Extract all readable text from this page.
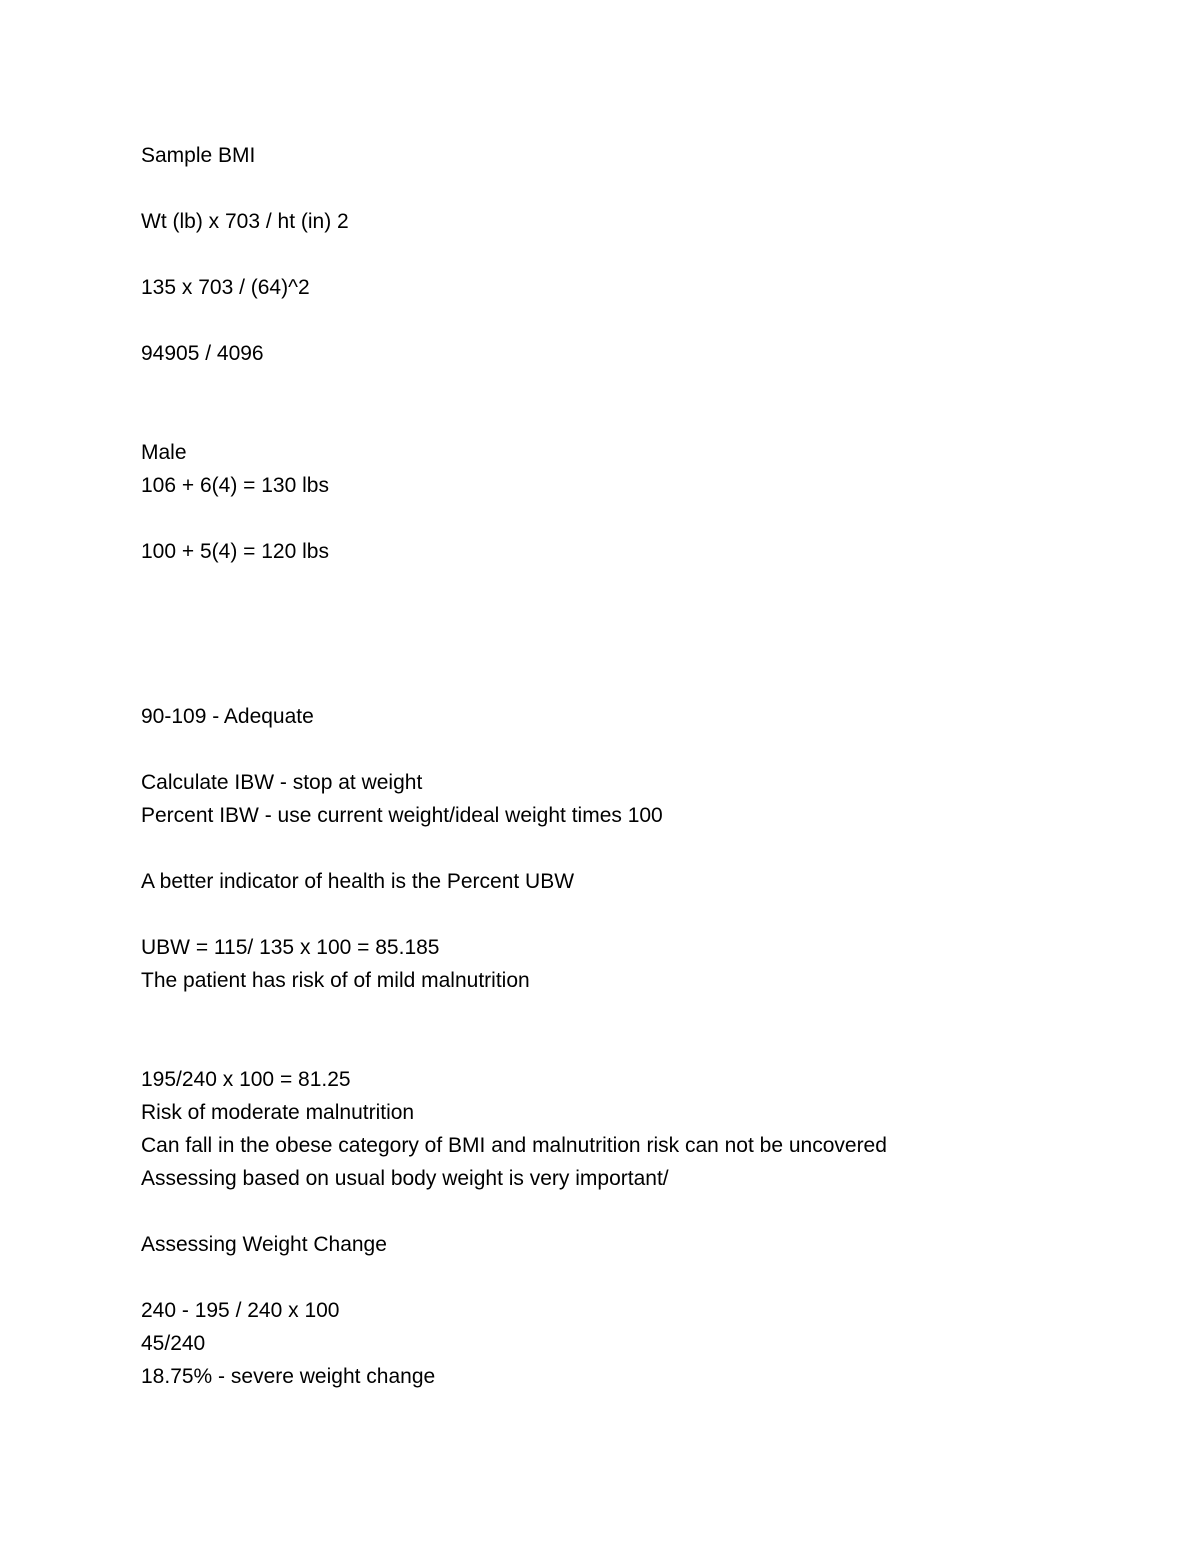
Sample BMI
Wt (lb) x 703 / ht (in) 2
135 x 703 / (64)^2
94905 / 4096
Male
106 + 6(4) = 130 lbs
100 + 5(4) = 120 lbs
90-109 - Adequate
Calculate IBW - stop at weight
Percent IBW - use current weight/ideal weight times 100
A better indicator of health is the Percent UBW
UBW = 115/ 135 x 100 = 85.185
The patient has risk of of mild malnutrition
195/240 x 100 = 81.25
Risk of moderate malnutrition
Can fall in the obese category of BMI and malnutrition risk can not be uncovered
Assessing based on usual body weight is very important/
Assessing Weight Change
240 - 195 / 240 x 100
45/240
18.75% - severe weight change
